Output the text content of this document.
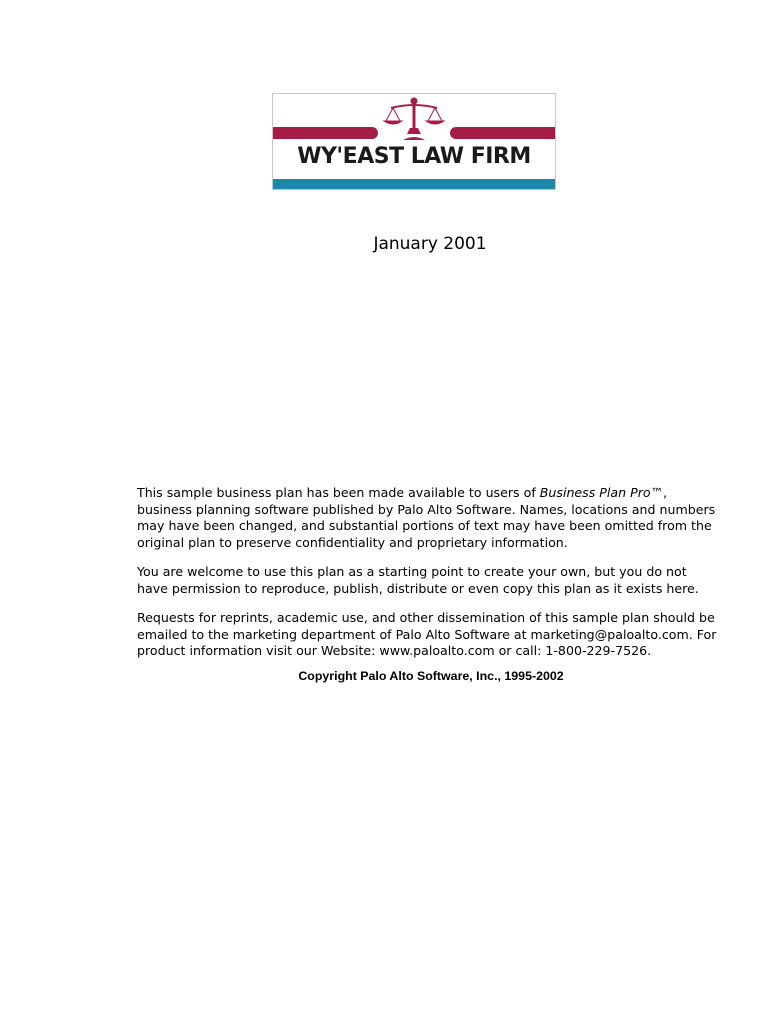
WY'EAST LAW FIRM
January 2001

This sample business plan has been made available to users of Business Plan Pro™, business planning software published by Palo Alto Software. Names, locations and numbers may have been changed, and substantial portions of text may have been omitted from the original plan to preserve confidentiality and proprietary information.

You are welcome to use this plan as a starting point to create your own, but you do not have permission to reproduce, publish, distribute or even copy this plan as it exists here.

Requests for reprints, academic use, and other dissemination of this sample plan should be emailed to the marketing department of Palo Alto Software at marketing@paloalto.com. For product information visit our Website: www.paloalto.com or call: 1-800-229-7526.

Copyright Palo Alto Software, Inc., 1995-2002
